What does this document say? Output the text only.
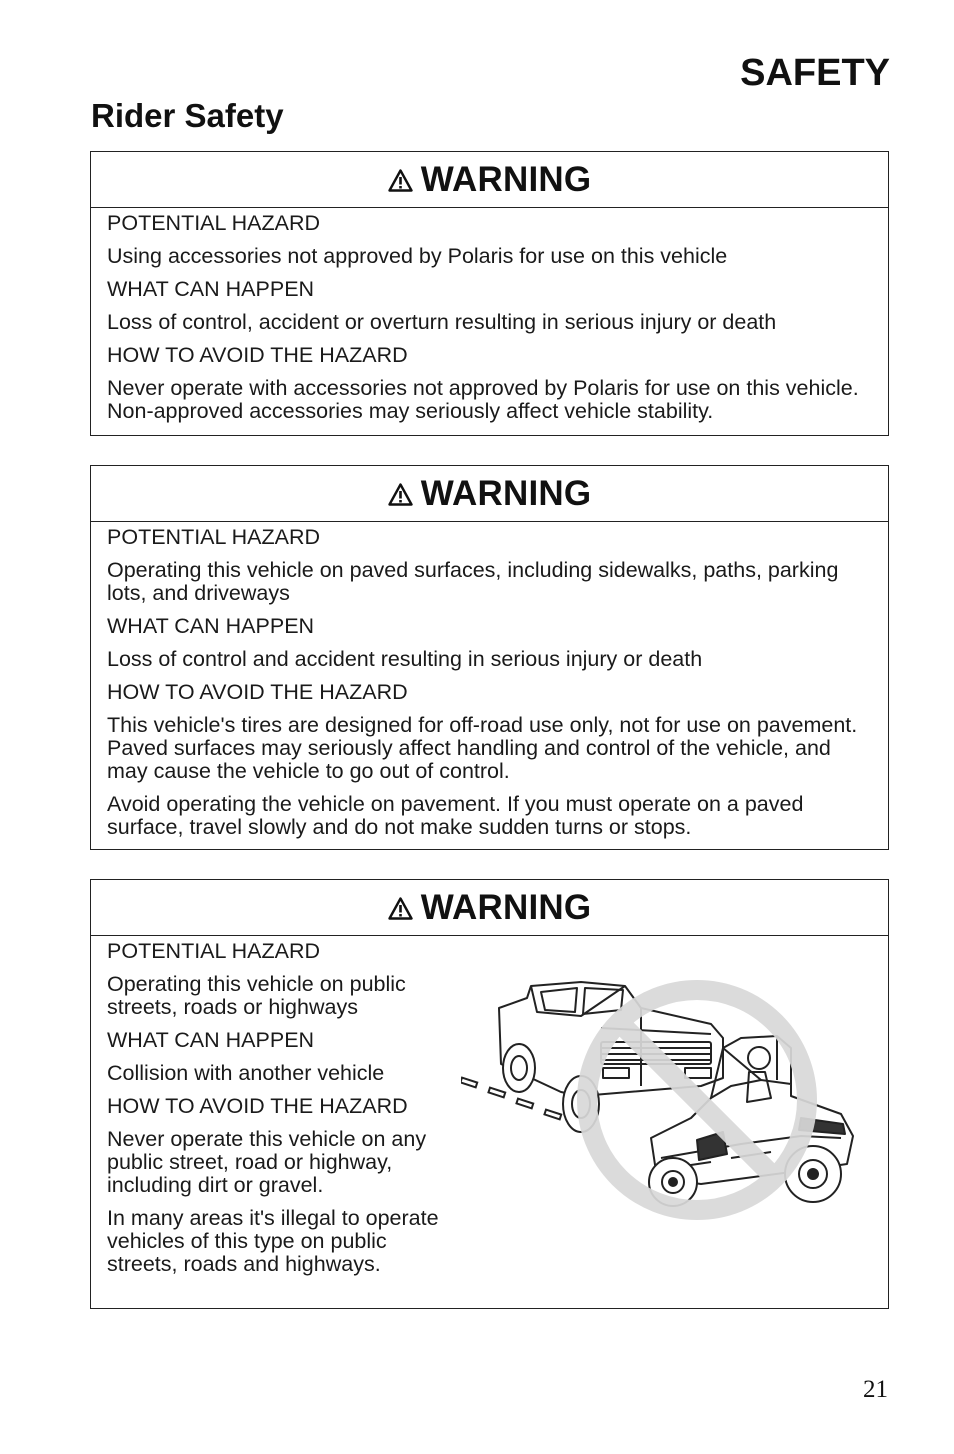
SAFETY
Rider Safety
WARNING

POTENTIAL HAZARD

Using accessories not approved by Polaris for use on this vehicle

WHAT CAN HAPPEN

Loss of control, accident or overturn resulting in serious injury or death

HOW TO AVOID THE HAZARD

Never operate with accessories not approved by Polaris for use on this vehicle. Non-approved accessories may seriously affect vehicle stability.

WARNING

POTENTIAL HAZARD

Operating this vehicle on paved surfaces, including sidewalks, paths, parking lots, and driveways

WHAT CAN HAPPEN

Loss of control and accident resulting in serious injury or death

HOW TO AVOID THE HAZARD

This vehicle's tires are designed for off-road use only, not for use on pavement. Paved surfaces may seriously affect handling and control of the vehicle, and may cause the vehicle to go out of control.

Avoid operating the vehicle on pavement. If you must operate on a paved surface, travel slowly and do not make sudden turns or stops.

WARNING

POTENTIAL HAZARD

Operating this vehicle on public streets, roads or highways

WHAT CAN HAPPEN

Collision with another vehicle

HOW TO AVOID THE HAZARD

Never operate this vehicle on any public street, road or highway, including dirt or gravel.

In many areas it's illegal to operate vehicles of this type on public streets, roads and highways.

21
